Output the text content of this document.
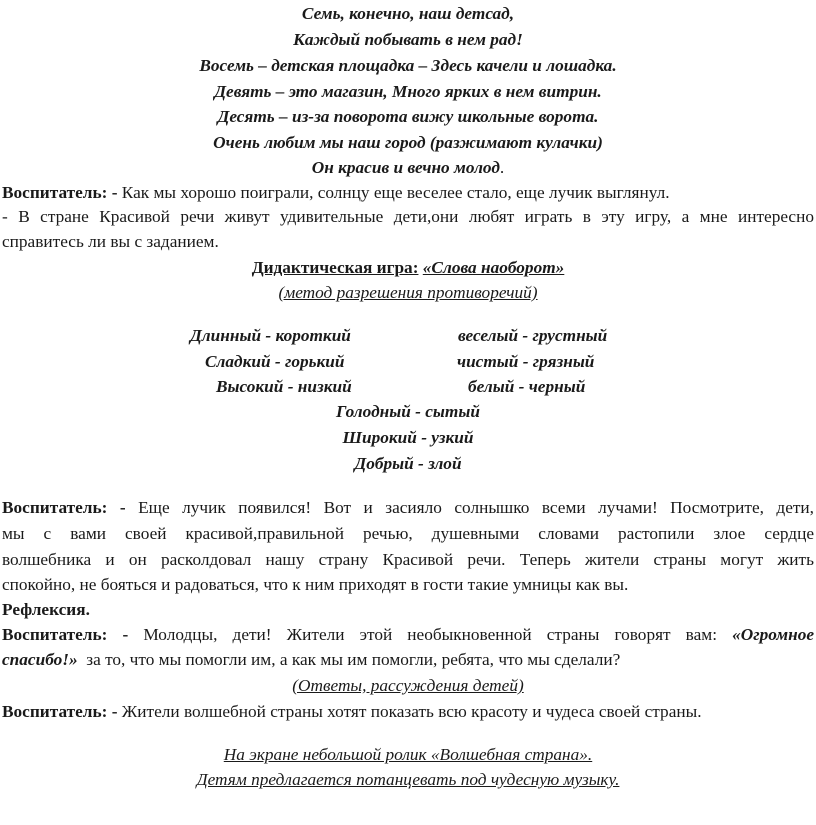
Семь, конечно, наш детсад,
Каждый побывать в нем рад!
Восемь – детская площадка – Здесь качели и лошадка.
Девять – это магазин, Много ярких в нем витрин.
Десять – из-за поворота вижу школьные ворота.
Очень любим мы наш город (разжимают кулачки)
Он красив и вечно молод.
Воспитатель: - Как мы хорошо поиграли, солнцу еще веселее стало, еще лучик выглянул.
- В стране Красивой речи живут удивительные дети,они любят играть в эту игру, а мне интересно
справитесь ли вы с заданием.
Дидактическая игра: «Слова наоборот»
(метод разрешения противоречий)
Длинный - короткий
Сладкий - горький
Высокий - низкий
веселый - грустный
чистый - грязный
белый - черный
Голодный - сытый
Широкий - узкий
Добрый - злой
Воспитатель: - Еще лучик появился! Вот и засияло солнышко всеми лучами! Посмотрите, дети,
мы с вами своей красивой,правильной речью, душевными словами растопили злое сердце
волшебника и он расколдовал нашу страну Красивой речи. Теперь жители страны могут жить
спокойно, не бояться и радоваться, что к ним приходят в гости такие умницы как вы.
Рефлексия.
Воспитатель: - Молодцы, дети! Жители этой необыкновенной страны говорят вам: «Огромное
спасибо!» за то, что мы помогли им, а как мы им помогли, ребята, что мы сделали?
(Ответы, рассуждения детей)
Воспитатель: - Жители волшебной страны хотят показать всю красоту и чудеса своей страны.
На экране небольшой ролик «Волшебная страна».
Детям предлагается потанцевать под чудесную музыку.
